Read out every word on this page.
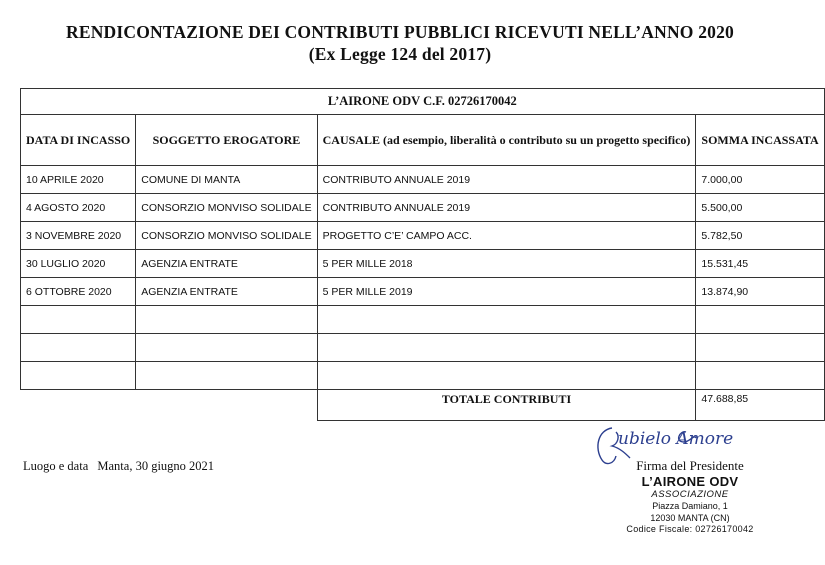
RENDICONTAZIONE DEI CONTRIBUTI PUBBLICI RICEVUTI NELL’ANNO 2020
(Ex Legge 124 del 2017)
L’AIRONE ODV C.F. 02726170042			
DATA DI INCASSO	SOGGETTO EROGATORE	CAUSALE (ad esempio, liberalità o contributo su un progetto specifico)	SOMMA INCASSATA
10 APRILE 2020	COMUNE DI MANTA	CONTRIBUTO ANNUALE 2019	7.000,00
4 AGOSTO 2020	CONSORZIO MONVISO SOLIDALE	CONTRIBUTO ANNUALE 2019	5.500,00
3 NOVEMBRE 2020	CONSORZIO MONVISO SOLIDALE	PROGETTO C’E’ CAMPO ACC.	5.782,50
30 LUGLIO 2020	AGENZIA ENTRATE	5 PER MILLE 2018	15.531,45
6 OTTOBRE 2020	AGENZIA ENTRATE	5 PER MILLE 2019	13.874,90

		TOTALE CONTRIBUTI	47.688,85
Luogo e data Manta, 30 giugno 2021
ubielo Amore
Firma del Presidente
L’AIRONE ODV
ASSOCIAZIONE
Piazza Damiano, 1
12030 MANTA (CN)
Codice Fiscale: 02726170042
